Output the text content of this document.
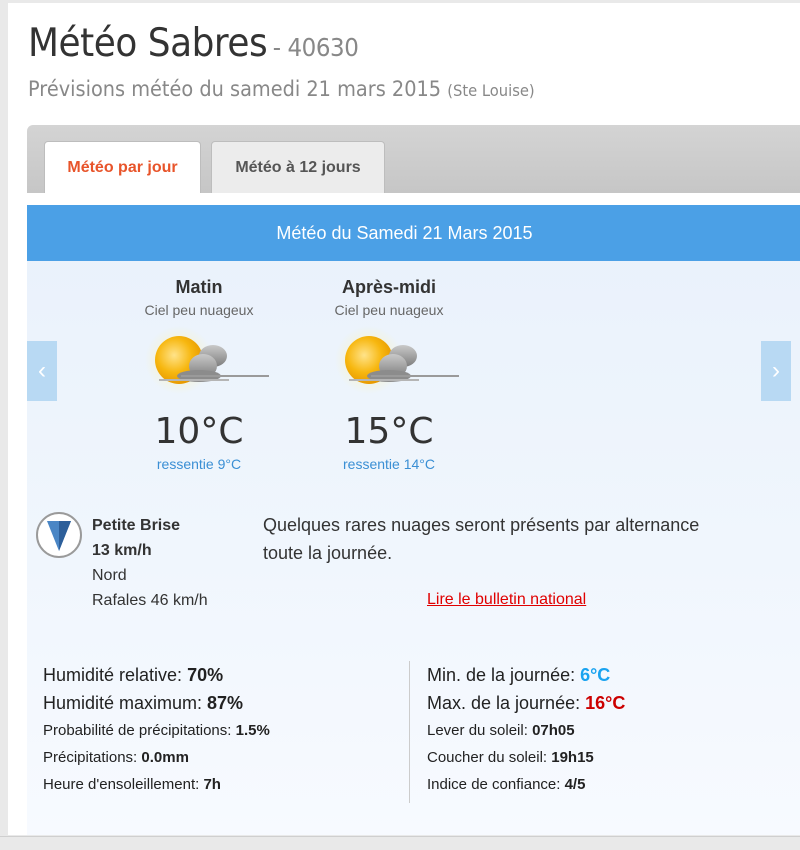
Météo Sabres - 40630
Prévisions météo du samedi 21 mars 2015 (Ste Louise)
Météo par jour	Météo à 12 jours
Météo du Samedi 21 Mars 2015
‹	›
Matin
Ciel peu nuageux
10°C
ressentie 9°C
Après-midi
Ciel peu nuageux
15°C
ressentie 14°C
Petite Brise
13 km/h
Nord
Rafales 46 km/h
Quelques rares nuages seront présents par alternance toute la journée.
Lire le bulletin national
Humidité relative: 70%
Humidité maximum: 87%
Probabilité de précipitations: 1.5%
Précipitations: 0.0mm
Heure d'ensoleillement: 7h
Min. de la journée: 6°C
Max. de la journée: 16°C
Lever du soleil: 07h05
Coucher du soleil: 19h15
Indice de confiance: 4/5
